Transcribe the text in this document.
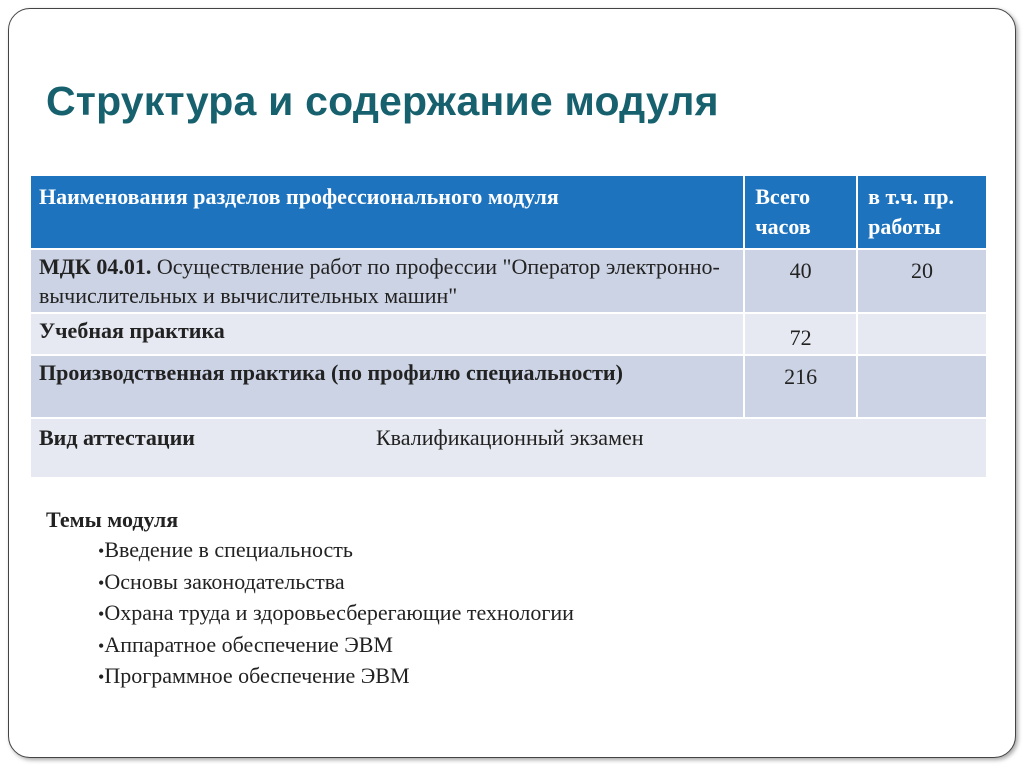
Структура и содержание модуля
Наименования разделов профессионального модуля	Всего часов	в т.ч. пр. работы
МДК 04.01. Осуществление работ по профессии "Оператор электронно-вычислительных и вычислительных машин"	40	20
Учебная практика	72	
Производственная практика (по профилю специальности)	216	
Вид аттестации Квалификационный экзамен		

Темы модуля

•Введение в специальность
•Основы законодательства
•Охрана труда и здоровьесберегающие технологии
•Аппаратное обеспечение ЭВМ
•Программное обеспечение ЭВМ
